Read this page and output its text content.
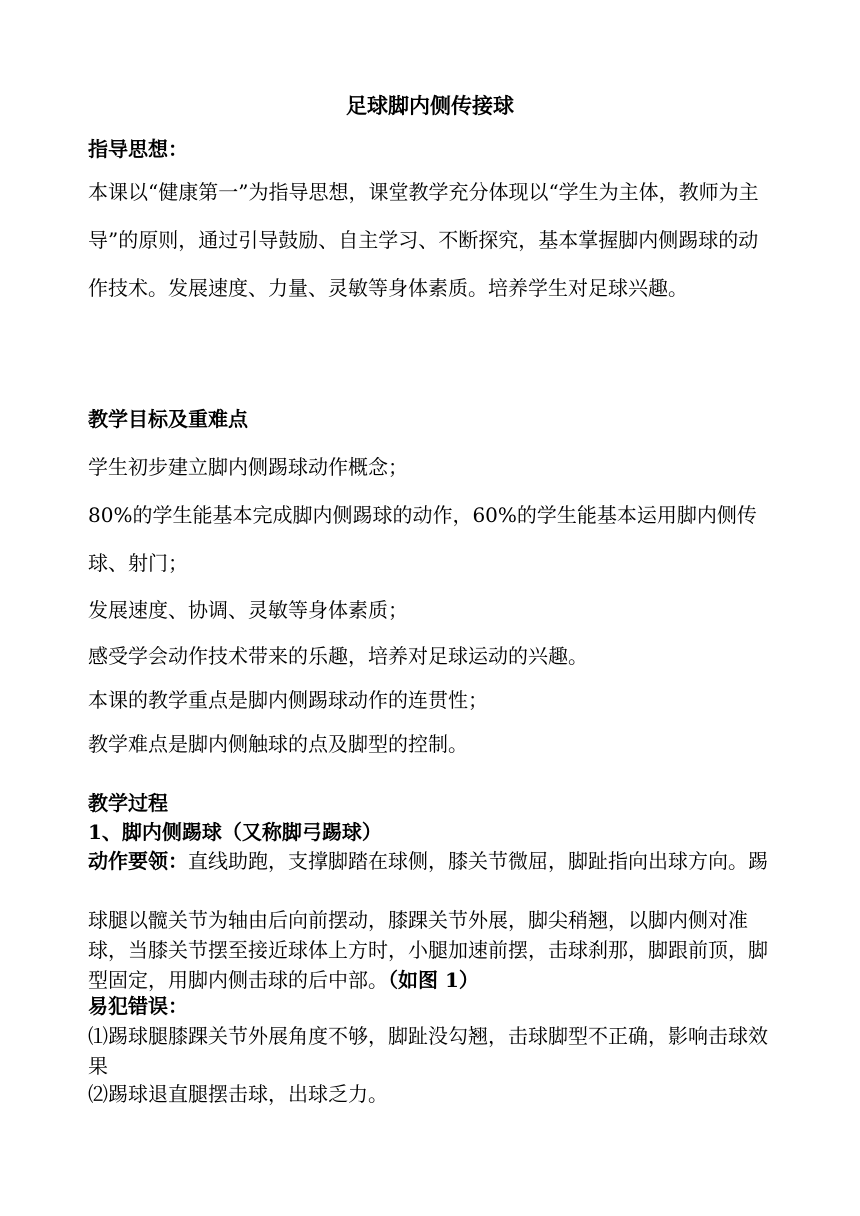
足球脚内侧传接球
指导思想：
本课以“健康第一”为指导思想，课堂教学充分体现以“学生为主体，教师为主导”的原则，通过引导鼓励、自主学习、不断探究，基本掌握脚内侧踢球的动作技术。发展速度、力量、灵敏等身体素质。培养学生对足球兴趣。
教学目标及重难点
学生初步建立脚内侧踢球动作概念；
80%的学生能基本完成脚内侧踢球的动作，60%的学生能基本运用脚内侧传球、射门；
发展速度、协调、灵敏等身体素质；
感受学会动作技术带来的乐趣，培养对足球运动的兴趣。
本课的教学重点是脚内侧踢球动作的连贯性；
教学难点是脚内侧触球的点及脚型的控制。
教学过程
1、脚内侧踢球（又称脚弓踢球）
动作要领：直线助跑，支撑脚踏在球侧，膝关节微屈，脚趾指向出球方向。踢
球腿以髋关节为轴由后向前摆动，膝踝关节外展，脚尖稍翘，以脚内侧对准球，当膝关节摆至接近球体上方时，小腿加速前摆，击球刹那，脚跟前顶，脚型固定，用脚内侧击球的后中部。（如图 1）
易犯错误：
⑴踢球腿膝踝关节外展角度不够，脚趾没勾翘，击球脚型不正确，影响击球效果
⑵踢球退直腿摆击球，出球乏力。
